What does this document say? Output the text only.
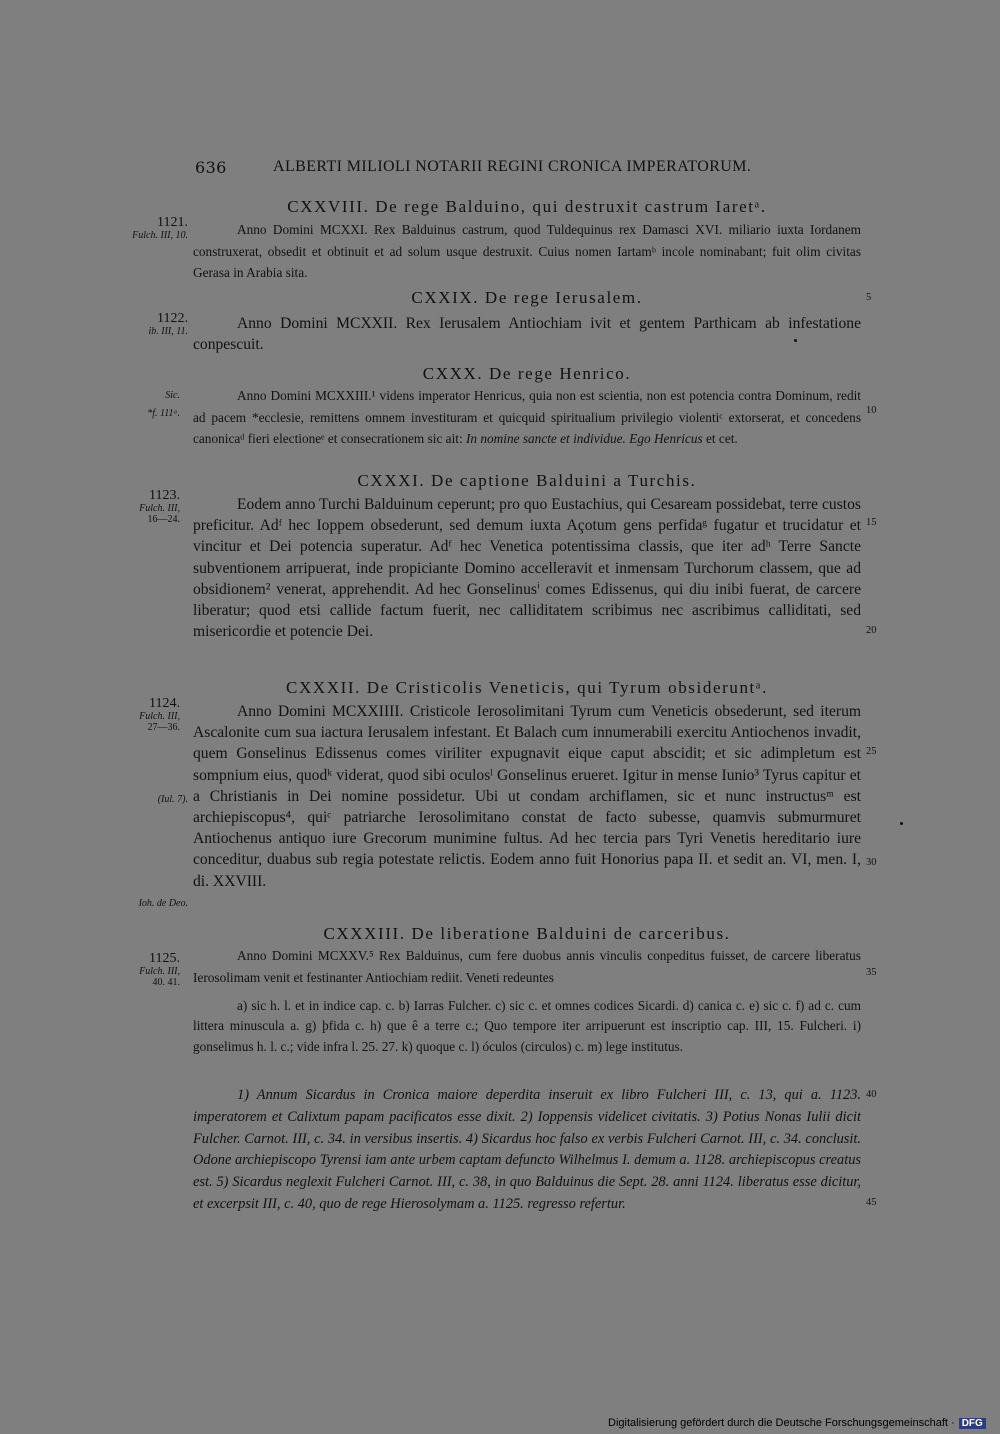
636	ALBERTI MILIOLI NOTARII REGINI CRONICA IMPERATORUM.

CXXVIII. De rege Balduino, qui destruxit castrum Iaretᵃ.

Anno Domini MCXXI. Rex Balduinus castrum, quod Tuldequinus rex Damasci XVI. miliario iuxta Iordanem construxerat, obsedit et obtinuit et ad solum usque destruxit. Cuius nomen Iartamᵇ incole nominabant; fuit olim civitas Gerasa in Arabia sita.

CXXIX. De rege Ierusalem.

Anno Domini MCXXII. Rex Ierusalem Antiochiam ivit et gentem Parthicam ab infestatione conpescuit.

CXXX. De rege Henrico.

Anno Domini MCXXIII.¹ videns imperator Henricus, quia non est scientia, non est potencia contra Dominum, redit ad pacem *ecclesie, remittens omnem investituram et quicquid spiritualium privilegio violentiᶜ extorserat, et concedens canonicaᵈ fieri electioneᵉ et consecrationem sic ait: In nomine sancte et individue. Ego Henricus et cet.

CXXXI. De captione Balduini a Turchis.

Eodem anno Turchi Balduinum ceperunt; pro quo Eustachius, qui Cesaream possidebat, terre custos preficitur. Adᶠ hec Ioppem obsederunt, sed demum iuxta Açotum gens perfidaᵍ fugatur et trucidatur et vincitur et Dei potencia superatur. Adᶠ hec Venetica potentissima classis, que iter adʰ Terre Sancte subventionem arripuerat, inde propiciante Domino accelleravit et inmensam Turchorum classem, que ad obsidionem² venerat, apprehendit. Ad hec Gonselinusⁱ comes Edissenus, qui diu inibi fuerat, de carcere liberatur; quod etsi callide factum fuerit, nec calliditatem scribimus nec ascribimus calliditati, sed misericordie et potencie Dei.

CXXXII. De Cristicolis Veneticis, qui Tyrum obsideruntᵃ.

Anno Domini MCXXIIII. Cristicole Ierosolimitani Tyrum cum Veneticis obsederunt, sed iterum Ascalonite cum sua iactura Ierusalem infestant. Et Balach cum innumerabili exercitu Antiochenos invadit, quem Gonselinus Edissenus comes viriliter expugnavit eique caput abscidit; et sic adimpletum est sompnium eius, quodᵏ viderat, quod sibi oculosˡ Gonselinus erueret. Igitur in mense Iunio³ Tyrus capitur et a Christianis in Dei nomine possidetur. Ubi ut condam archiflamen, sic et nunc instructusᵐ est archiepiscopus⁴, quiᶜ patriarche Ierosolimitano constat de facto subesse, quamvis submurmuret Antiochenus antiquo iure Grecorum munimine fultus. Ad hec tercia pars Tyri Venetis hereditario iure conceditur, duabus sub regia potestate relictis. Eodem anno fuit Honorius papa II. et sedit an. VI, men. I, di. XXVIII.

CXXXIII. De liberatione Balduini de carceribus.

Anno Domini MCXXV.⁵ Rex Balduinus, cum fere duobus annis vinculis conpeditus fuisset, de carcere liberatus Ierosolimam venit et festinanter Antiochiam rediit. Veneti redeuntes

a) sic h. l. et in indice cap. c. b) Iarras Fulcher. c) sic c. et omnes codices Sicardi. d) canica c. e) sic c. f) ad c. cum littera minuscula a. g) þfida c. h) que ê a terre c.; Quo tempore iter arripuerunt est inscriptio cap. III, 15. Fulcheri. i) gonselimus h. l. c.; vide infra l. 25. 27. k) quoque c. l) óculos (circulos) c. m) lege institutus.

1) Annum Sicardus in Cronica maiore deperdita inseruit ex libro Fulcheri III, c. 13, qui a. 1123. imperatorem et Calixtum papam pacificatos esse dixit. 2) Ioppensis videlicet civitatis. 3) Potius Nonas Iulii dicit Fulcher. Carnot. III, c. 34. in versibus insertis. 4) Sicardus hoc falso ex verbis Fulcheri Carnot. III, c. 34. conclusit. Odone archiepiscopo Tyrensi iam ante urbem captam defuncto Wilhelmus I. demum a. 1128. archiepiscopus creatus est. 5) Sicardus neglexit Fulcheri Carnot. III, c. 38, in quo Balduinus die Sept. 28. anni 1124. liberatus esse dicitur, et excerpsit III, c. 40, quo de rege Hierosolymam a. 1125. regresso refertur.

1121.
Fulch. III, 10.
1122.
ib. III, 11.
Sic.
*f. 111ᵃ.
1123.
Fulch. III,
16—24.
1124.
Fulch. III,
27—36.
(Iul. 7).
Ioh. de Deo.
1125.
Fulch. III,
40. 41.
5
10
15
20
25
30
35
40
45
Digitalisierung gefördert durch die Deutsche Forschungsgemeinschaft · DFG
